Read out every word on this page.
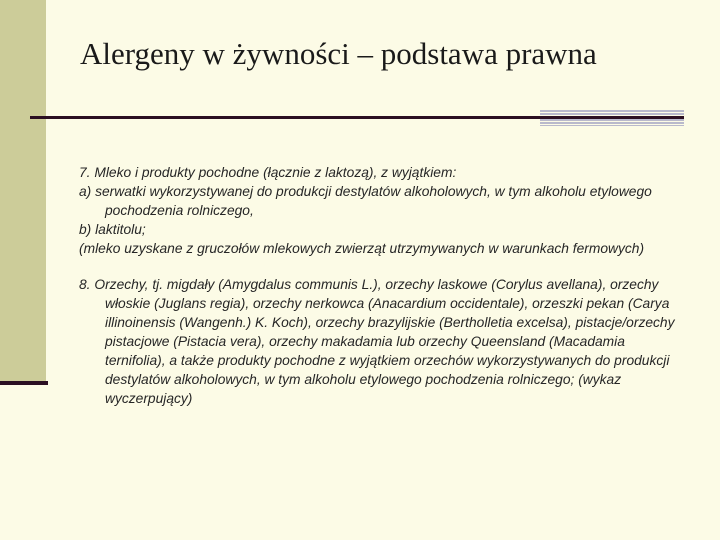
Alergeny w żywności – podstawa prawna

7. Mleko i produkty pochodne (łącznie z laktozą), z wyjątkiem:

a) serwatki wykorzystywanej do produkcji destylatów alkoholowych, w tym alkoholu etylowego pochodzenia rolniczego,

b) laktitolu;

(mleko uzyskane z gruczołów mlekowych zwierząt utrzymywanych w warunkach fermowych)

8. Orzechy, tj. migdały (Amygdalus communis L.), orzechy laskowe (Corylus avellana), orzechy włoskie (Juglans regia), orzechy nerkowca (Anacardium occidentale), orzeszki pekan (Carya illinoinensis (Wangenh.) K. Koch), orzechy brazylijskie (Bertholletia excelsa), pistacje/orzechy pistacjowe (Pistacia vera), orzechy makadamia lub orzechy Queensland (Macadamia ternifolia), a także produkty pochodne z wyjątkiem orzechów wykorzystywanych do produkcji destylatów alkoholowych, w tym alkoholu etylowego pochodzenia rolniczego; (wykaz wyczerpujący)
